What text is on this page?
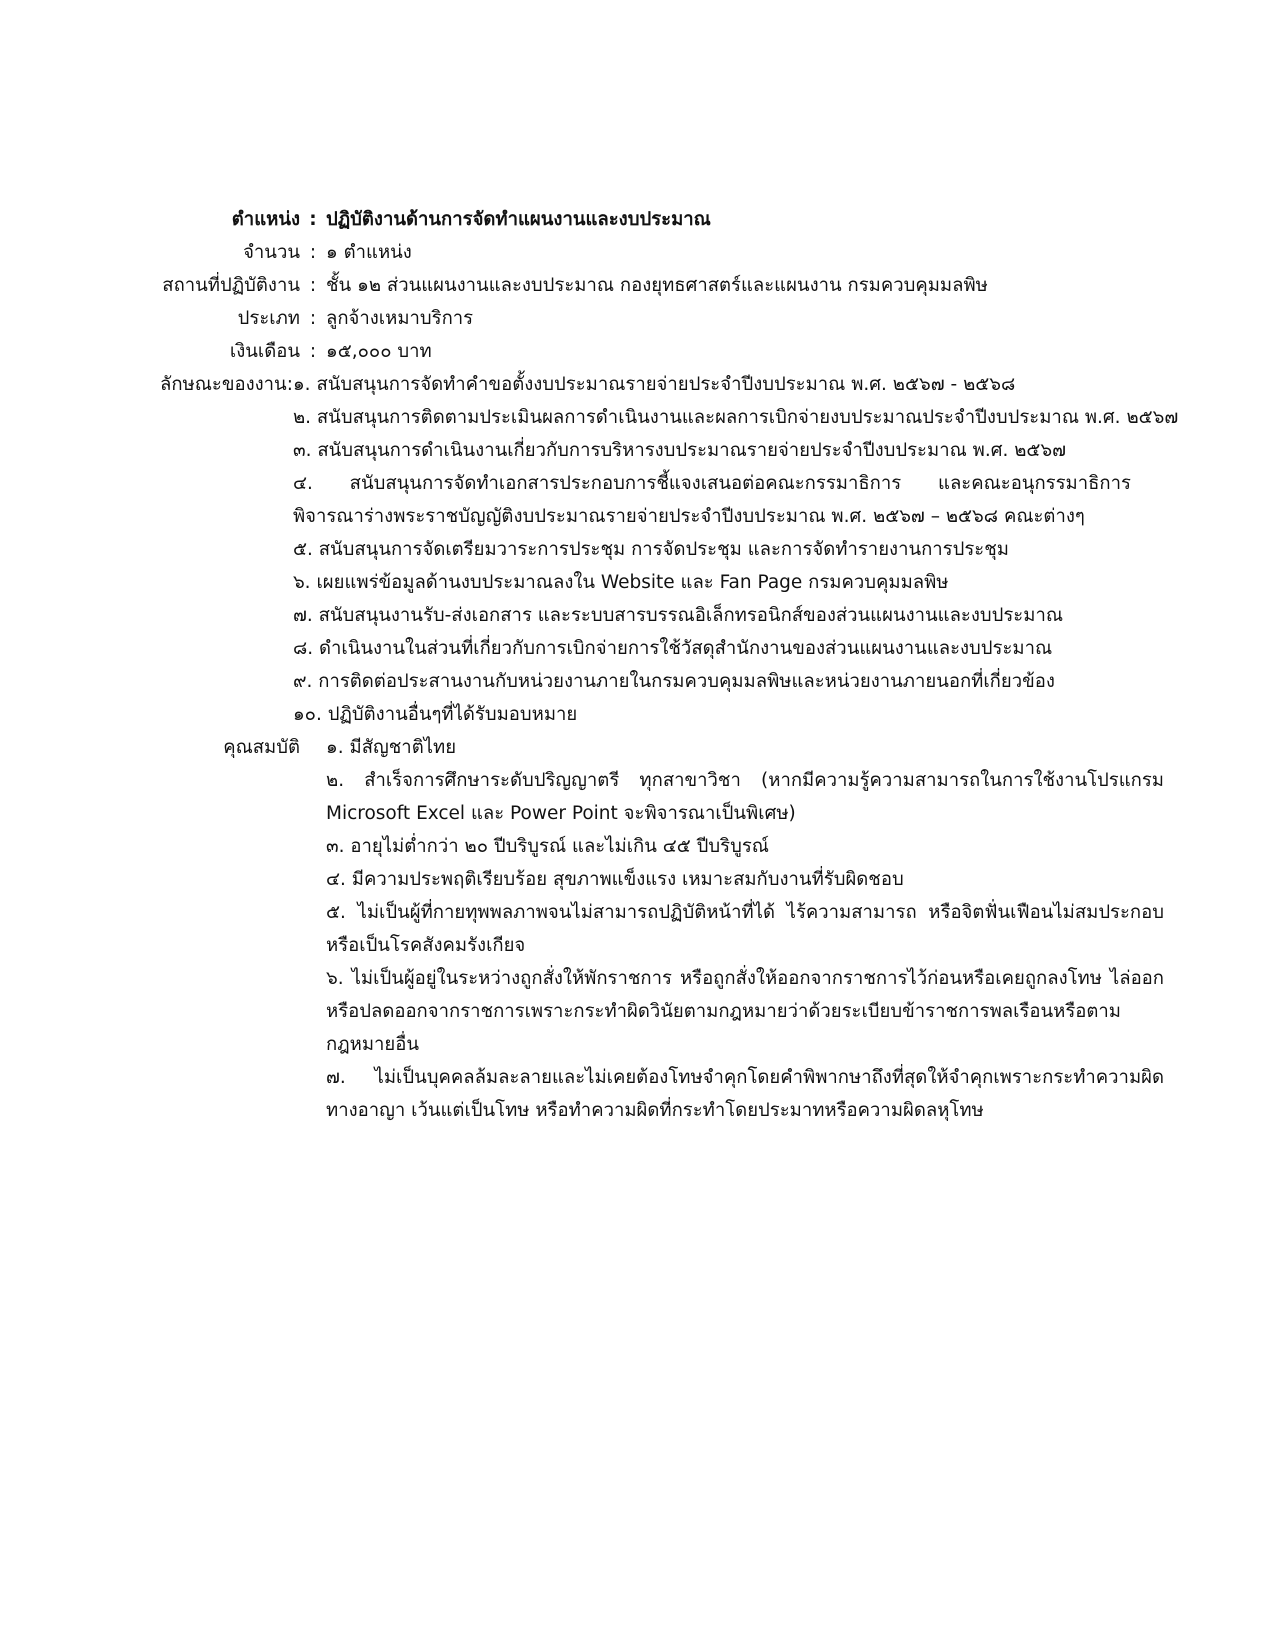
ตำแหน่ง : ปฏิบัติงานด้านการจัดทำแผนงานและงบประมาณ
จำนวน : ๑ ตำแหน่ง
สถานที่ปฏิบัติงาน : ชั้น ๑๒ ส่วนแผนงานและงบประมาณ กองยุทธศาสตร์และแผนงาน กรมควบคุมมลพิษ
ประเภท : ลูกจ้างเหมาบริการ
เงินเดือน : ๑๕,๐๐๐ บาท
ลักษณะของงาน : ๑. สนับสนุนการจัดทำคำขอตั้งงบประมาณรายจ่ายประจำปีงบประมาณ พ.ศ. ๒๕๖๗ - ๒๕๖๘
๒. สนับสนุนการติดตามประเมินผลการดำเนินงานและผลการเบิกจ่ายงบประมาณประจำปีงบประมาณ พ.ศ. ๒๕๖๗
๓. สนับสนุนการดำเนินงานเกี่ยวกับการบริหารงบประมาณรายจ่ายประจำปีงบประมาณ พ.ศ. ๒๕๖๗
๔. สนับสนุนการจัดทำเอกสารประกอบการชี้แจงเสนอต่อคณะกรรมาธิการ และคณะอนุกรรมาธิการ พิจารณาร่างพระราชบัญญัติงบประมาณรายจ่ายประจำปีงบประมาณ พ.ศ. ๒๕๖๗ – ๒๕๖๘ คณะต่างๆ
๕. สนับสนุนการจัดเตรียมวาระการประชุม การจัดประชุม และการจัดทำรายงานการประชุม
๖. เผยแพร่ข้อมูลด้านงบประมาณลงใน Website และ Fan Page กรมควบคุมมลพิษ
๗. สนับสนุนงานรับ-ส่งเอกสาร และระบบสารบรรณอิเล็กทรอนิกส์ของส่วนแผนงานและงบประมาณ
๘. ดำเนินงานในส่วนที่เกี่ยวกับการเบิกจ่ายการใช้วัสดุสำนักงานของส่วนแผนงานและงบประมาณ
๙. การติดต่อประสานงานกับหน่วยงานภายในกรมควบคุมมลพิษและหน่วยงานภายนอกที่เกี่ยวข้อง
๑๐. ปฏิบัติงานอื่นๆที่ได้รับมอบหมาย
คุณสมบัติ ๑. มีสัญชาติไทย
๒. สำเร็จการศึกษาระดับปริญญาตรี ทุกสาขาวิชา (หากมีความรู้ความสามารถในการใช้งานโปรแกรม Microsoft Excel และ Power Point จะพิจารณาเป็นพิเศษ)
๓. อายุไม่ต่ำกว่า ๒๐ ปีบริบูรณ์ และไม่เกิน ๔๕ ปีบริบูรณ์
๔. มีความประพฤติเรียบร้อย สุขภาพแข็งแรง เหมาะสมกับงานที่รับผิดชอบ
๕. ไม่เป็นผู้ที่กายทุพพลภาพจนไม่สามารถปฏิบัติหน้าที่ได้ ไร้ความสามารถ หรือจิตฟั่นเฟือนไม่สมประกอบหรือเป็นโรคสังคมรังเกียจ
๖. ไม่เป็นผู้อยู่ในระหว่างถูกสั่งให้พักราชการ หรือถูกสั่งให้ออกจากราชการไว้ก่อนหรือเคยถูกลงโทษ ไล่ออกหรือปลดออกจากราชการเพราะกระทำผิดวินัยตามกฎหมายว่าด้วยระเบียบข้าราชการพลเรือนหรือตามกฎหมายอื่น
๗. ไม่เป็นบุคคลล้มละลายและไม่เคยต้องโทษจำคุกโดยคำพิพากษาถึงที่สุดให้จำคุกเพราะกระทำความผิดทางอาญา เว้นแต่เป็นโทษ หรือทำความผิดที่กระทำโดยประมาทหรือความผิดลหุโทษ
